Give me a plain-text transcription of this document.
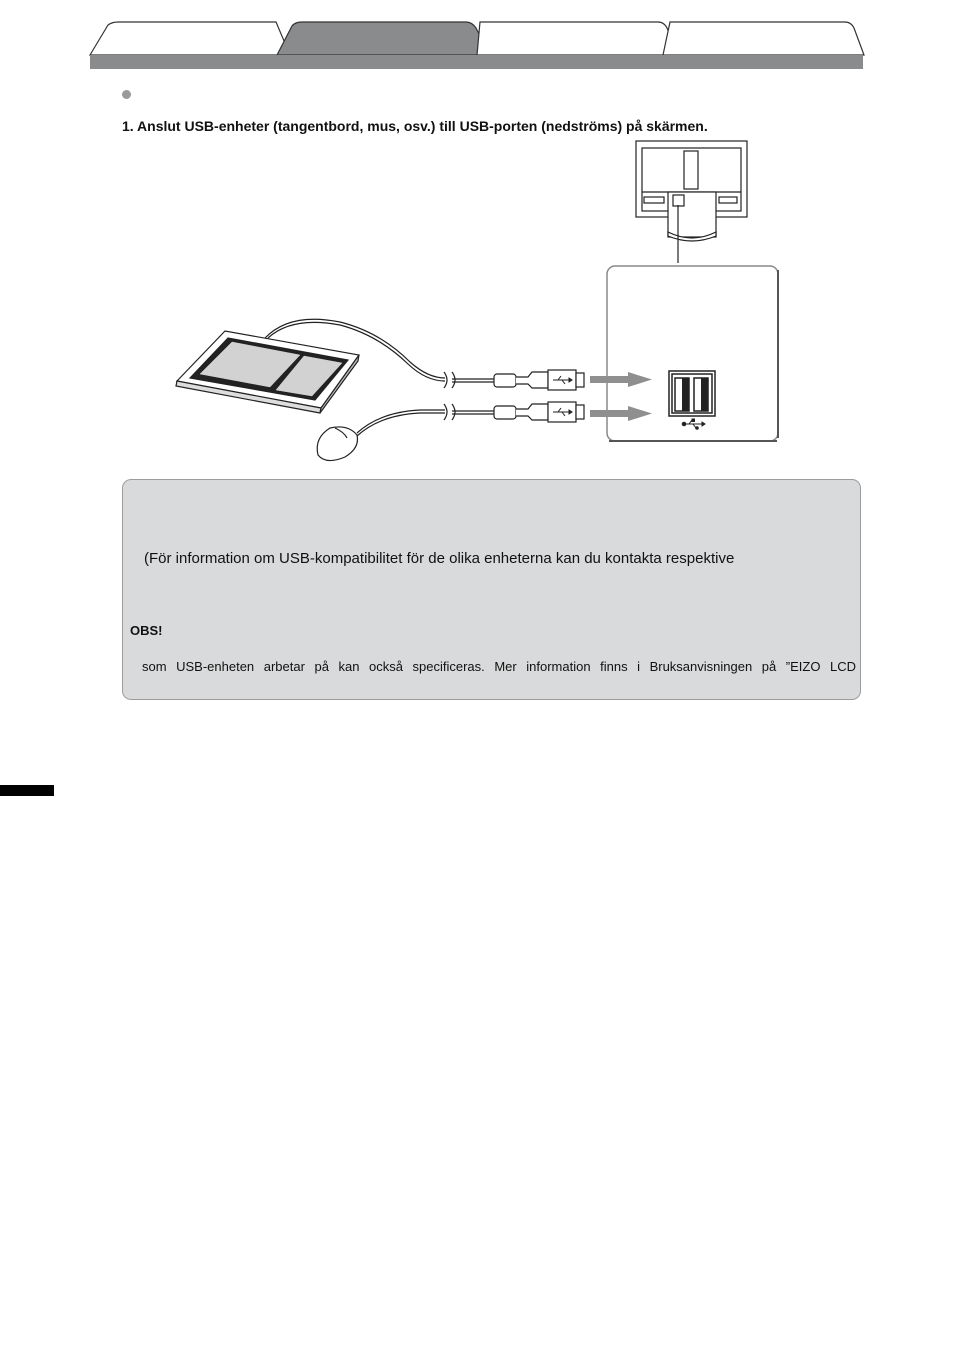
1. Anslut USB-enheter (tangentbord, mus, osv.) till USB-porten (nedströms) på skärmen.
(För information om USB-kompatibilitet för de olika enheterna kan du kontakta respektive
OBS!
som USB-enheten arbetar på kan också specificeras. Mer information finns i Bruksanvisningen på ”EIZO LCD
